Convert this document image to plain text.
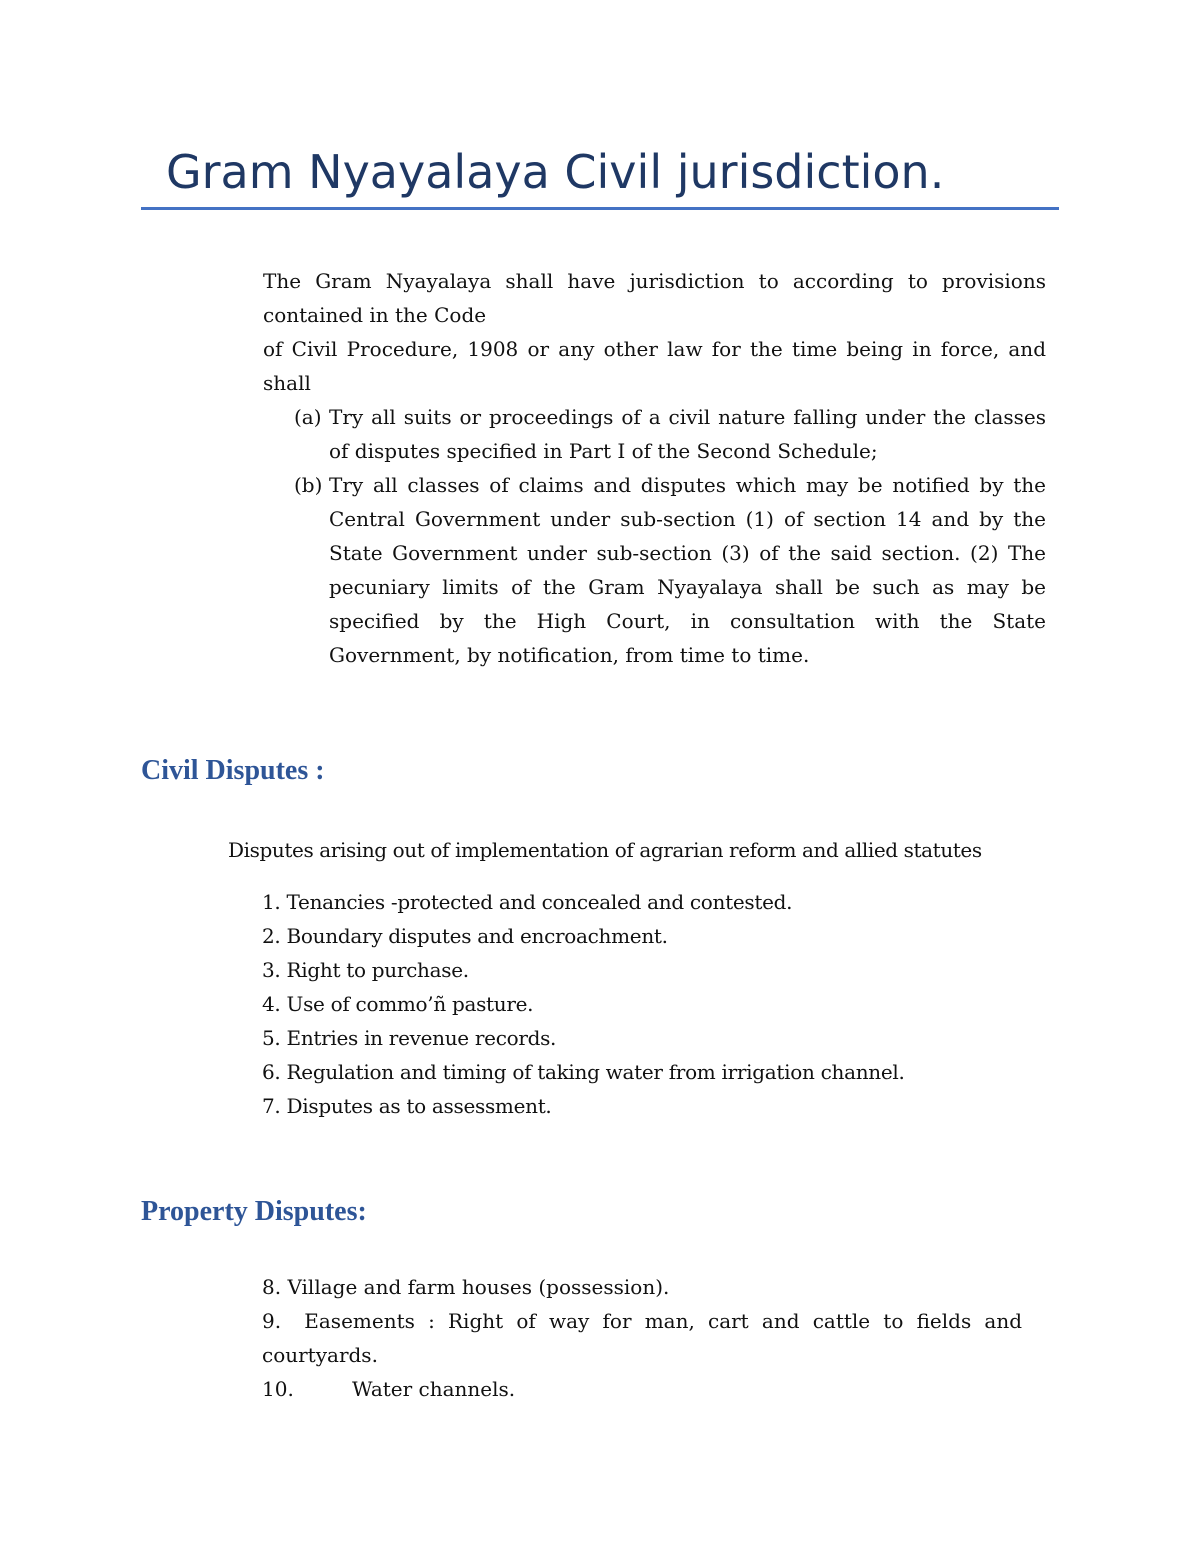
Gram Nyayalaya Civil jurisdiction.

The Gram Nyayalaya shall have jurisdiction to according to provisions contained in the Code

of Civil Procedure, 1908 or any other law for the time being in force, and shall

(a) Try all suits or proceedings of a civil nature falling under the classes of disputes specified in Part I of the Second Schedule;
(b) Try all classes of claims and disputes which may be notified by the Central Government under sub-section (1) of section 14 and by the State Government under sub-section (3) of the said section. (2) The pecuniary limits of the Gram Nyayalaya shall be such as may be specified by the High Court, in consultation with the State Government, by notification, from time to time.
Civil Disputes :

Disputes arising out of implementation of agrarian reform and allied statutes

1. Tenancies -protected and concealed and contested.
2. Boundary disputes and encroachment.
3. Right to purchase.
4. Use of commo’ñ pasture.
5. Entries in revenue records.
6. Regulation and timing of taking water from irrigation channel.
7. Disputes as to assessment.
Property Disputes:
8. Village and farm houses (possession).
9. Easements : Right of way for man, cart and cattle to fields and courtyards.
10.	Water channels.
